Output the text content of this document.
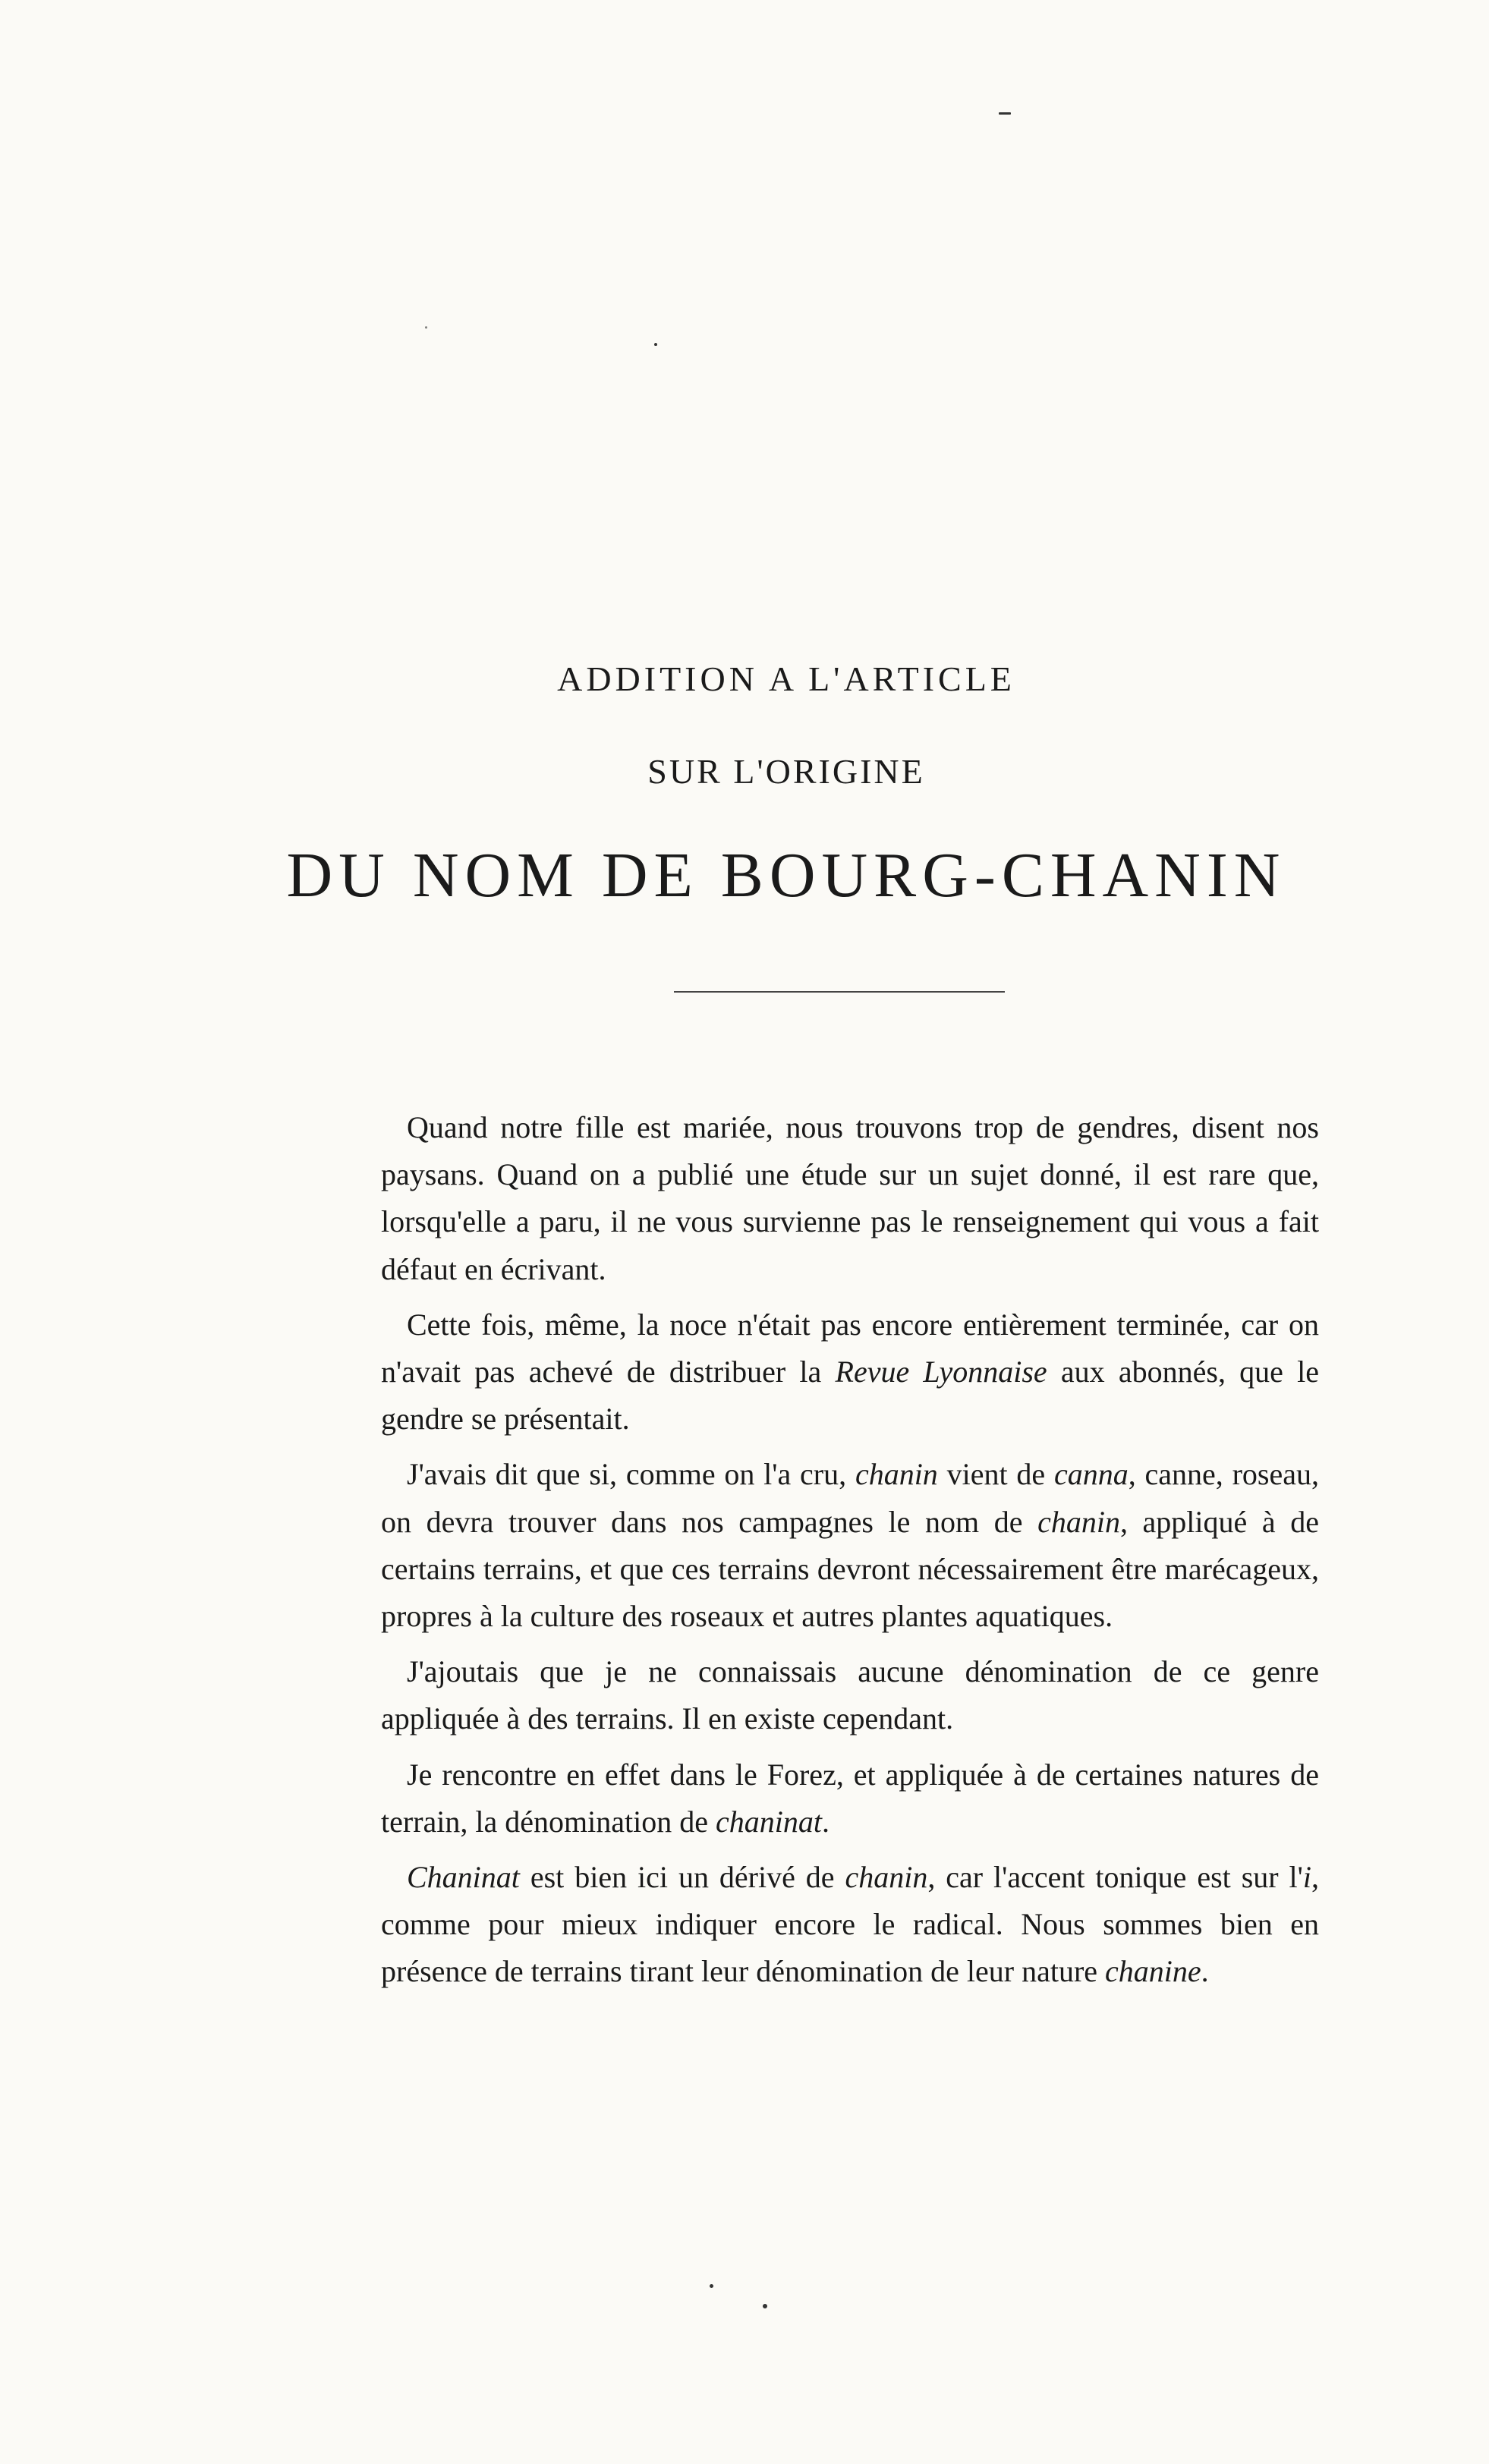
ADDITION A L'ARTICLE
SUR L'ORIGINE
DU NOM DE BOURG-CHANIN

Quand notre fille est mariée, nous trouvons trop de gendres, disent nos paysans. Quand on a publié une étude sur un sujet donné, il est rare que, lorsqu'elle a paru, il ne vous survienne pas le renseignement qui vous a fait défaut en écrivant.

Cette fois, même, la noce n'était pas encore entièrement terminée, car on n'avait pas achevé de distribuer la Revue Lyonnaise aux abonnés, que le gendre se présentait.

J'avais dit que si, comme on l'a cru, chanin vient de canna, canne, roseau, on devra trouver dans nos campagnes le nom de chanin, appliqué à de certains terrains, et que ces terrains devront nécessairement être marécageux, propres à la culture des roseaux et autres plantes aquatiques.

J'ajoutais que je ne connaissais aucune dénomination de ce genre appliquée à des terrains. Il en existe cependant.

Je rencontre en effet dans le Forez, et appliquée à de certaines natures de terrain, la dénomination de chaninat.

Chaninat est bien ici un dérivé de chanin, car l'accent tonique est sur l'i, comme pour mieux indiquer encore le radical. Nous sommes bien en présence de terrains tirant leur dénomination de leur nature chanine.
